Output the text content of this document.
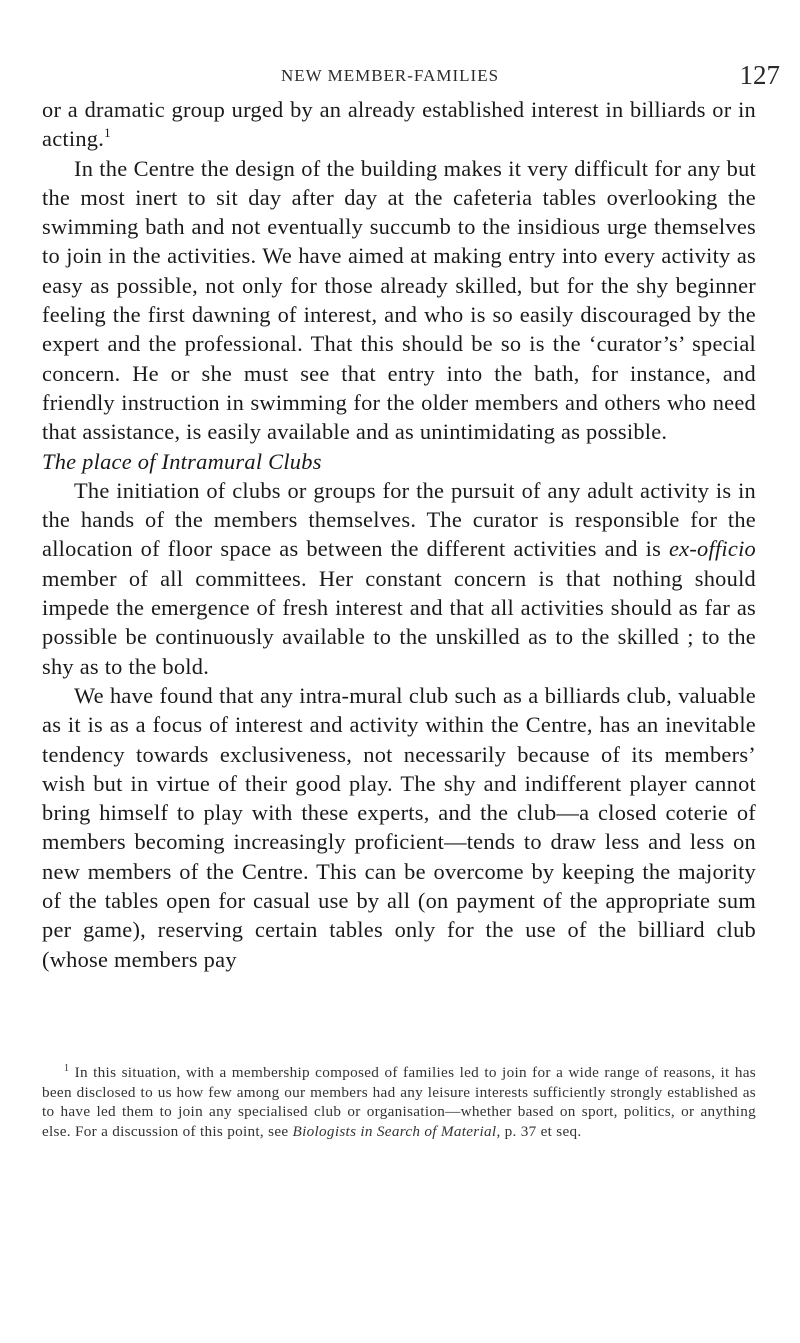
NEW MEMBER-FAMILIES	127

or a dramatic group urged by an already established interest in billiards or in acting.$^1$

In the Centre the design of the building makes it very difficult for any but the most inert to sit day after day at the cafeteria tables overlooking the swimming bath and not eventually succumb to the insidious urge themselves to join in the activities. We have aimed at making entry into every activity as easy as possible, not only for those already skilled, but for the shy beginner feeling the first dawning of interest, and who is so easily discouraged by the expert and the professional. That this should be so is the ‘curator’s’ special concern. He or she must see that entry into the bath, for instance, and friendly instruction in swimming for the older members and others who need that assistance, is easily available and as unintimidating as possible.

The place of Intramural Clubs

The initiation of clubs or groups for the pursuit of any adult activity is in the hands of the members themselves. The curator is responsible for the allocation of floor space as between the different activities and is ex-officio member of all committees. Her constant concern is that nothing should impede the emergence of fresh interest and that all activities should as far as possible be continuously available to the unskilled as to the skilled ; to the shy as to the bold.

We have found that any intra-mural club such as a billiards club, valuable as it is as a focus of interest and activity within the Centre, has an inevitable tendency towards exclusiveness, not necessarily because of its members’ wish but in virtue of their good play. The shy and indifferent player cannot bring himself to play with these experts, and the club—a closed coterie of members becoming increasingly proficient—tends to draw less and less on new members of the Centre. This can be overcome by keeping the majority of the tables open for casual use by all (on payment of the appropriate sum per game), reserving certain tables only for the use of the billiard club (whose members pay

$^1$ In this situation, with a membership composed of families led to join for a wide range of reasons, it has been disclosed to us how few among our members had any leisure interests sufficiently strongly established as to have led them to join any specialised club or organisation—whether based on sport, politics, or anything else. For a discussion of this point, see Biologists in Search of Material, p. 37 et seq.
